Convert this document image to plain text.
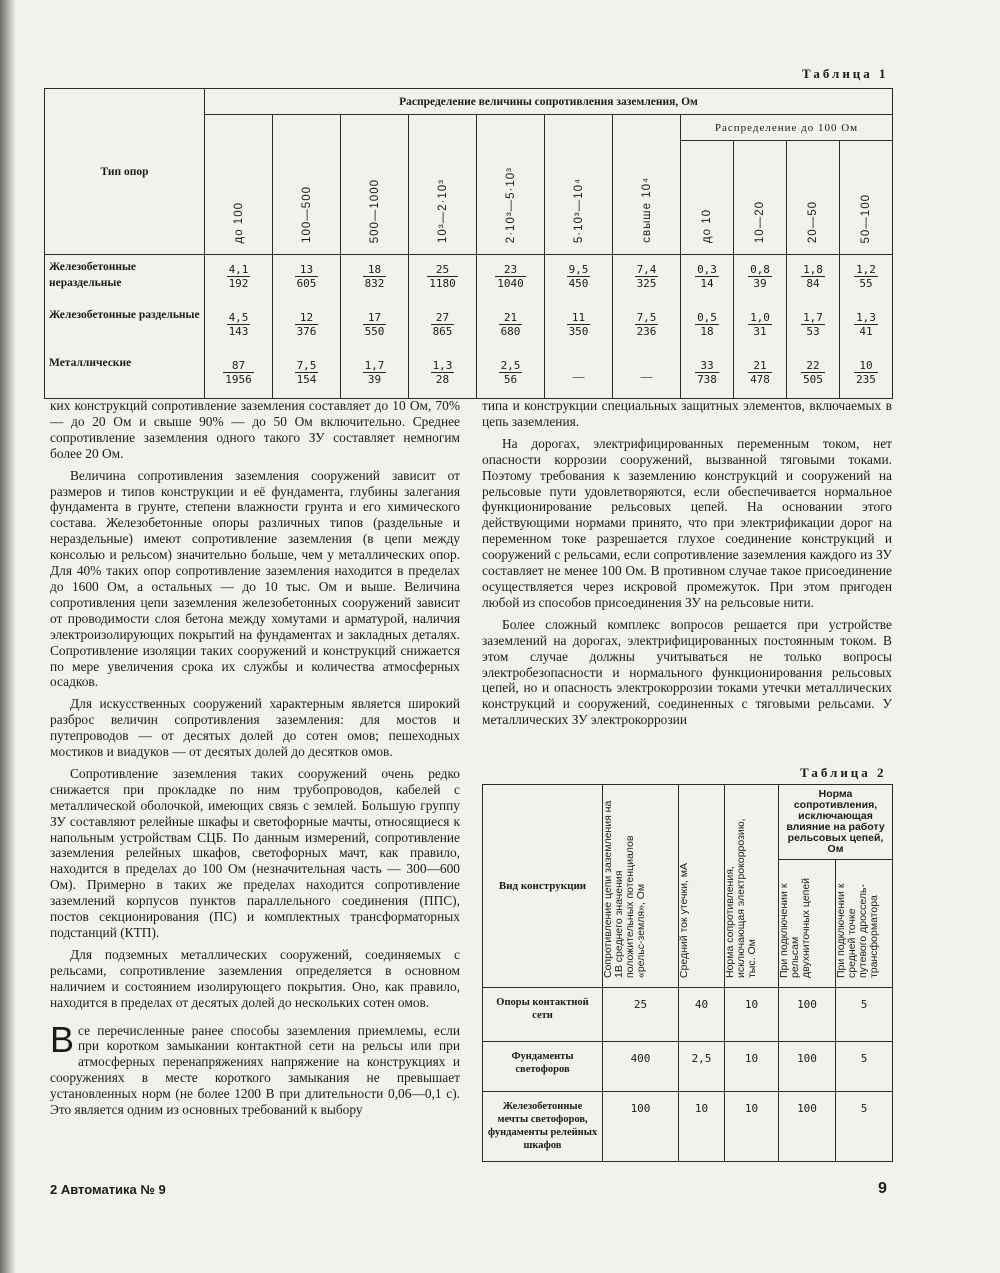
Таблица 1
Тип опор	Распределение величины сопротивления заземления, Ом										
	до 100	100—500	500—1000	10³—2·10³	2·10³—5·10³	5·10³—10⁴	свыше 10⁴	Распределение до 100 Ом			
								до 10	10—20	20—50	50—100
Железобетонные нераздельные	$\frac{4,1}{192}$	$\frac{13}{605}$	$\frac{18}{832}$	$\frac{25}{1180}$	$\frac{23}{1040}$	$\frac{9,5}{450}$	$\frac{7,4}{325}$	$\frac{0,3}{14}$	$\frac{0,8}{39}$	$\frac{1,8}{84}$	$\frac{1,2}{55}$

Железобетонные раздельные	$\frac{4,5}{143}$	$\frac{12}{376}$	$\frac{17}{550}$	$\frac{27}{865}$	$\frac{21}{680}$	$\frac{11}{350}$	$\frac{7,5}{236}$	$\frac{0,5}{18}$	$\frac{1,0}{31}$	$\frac{1,7}{53}$	$\frac{1,3}{41}$

Металлические	$\frac{87}{1956}$	$\frac{7,5}{154}$	$\frac{1,7}{39}$	$\frac{1,3}{28}$	$\frac{2,5}{56}$	—	—	$\frac{33}{738}$	$\frac{21}{478}$	$\frac{22}{505}$	$\frac{10}{235}$

ких конструкций сопротивление заземления составляет до 10 Ом, 70% — до 20 Ом и свыше 90% — до 50 Ом включительно. Среднее сопротивление заземления одного такого ЗУ составляет немногим более 20 Ом.

Величина сопротивления заземления сооружений зависит от размеров и типов конструкции и её фундамента, глубины залегания фундамента в грунте, степени влажности грунта и его химического состава. Железобетонные опоры различных типов (раздельные и нераздельные) имеют сопротивление заземления (в цепи между консолью и рельсом) значительно больше, чем у металлических опор. Для 40% таких опор сопротивление заземления находится в пределах до 1600 Ом, а остальных — до 10 тыс. Ом и выше. Величина сопротивления цепи заземления железобетонных сооружений зависит от проводимости слоя бетона между хомутами и арматурой, наличия электроизолирующих покрытий на фундаментах и закладных деталях. Сопротивление изоляции таких сооружений и конструкций снижается по мере увеличения срока их службы и количества атмосферных осадков.

Для искусственных сооружений характерным является широкий разброс величин сопротивления заземления: для мостов и путепроводов — от десятых долей до сотен омов; пешеходных мостиков и виадуков — от десятых долей до десятков омов.

Сопротивление заземления таких сооружений очень редко снижается при прокладке по ним трубопроводов, кабелей с металлической оболочкой, имеющих связь с землей. Большую группу ЗУ составляют релейные шкафы и светофорные мачты, относящиеся к напольным устройствам СЦБ. По данным измерений, сопротивление заземления релейных шкафов, светофорных мачт, как правило, находится в пределах до 100 Ом (незначительная часть — 300—600 Ом). Примерно в таких же пределах находится сопротивление заземлений корпусов пунктов параллельного соединения (ППС), постов секционирования (ПС) и комплектных трансформаторных подстанций (КТП).

Для подземных металлических сооружений, соединяемых с рельсами, сопротивление заземления определяется в основном наличием и состоянием изолирующего покрытия. Оно, как правило, находится в пределах от десятых долей до нескольких сотен омов.

Все перечисленные ранее способы заземления приемлемы, если при коротком замыкании контактной сети на рельсы или при атмосферных перенапряжениях напряжение на конструкциях и сооружениях в месте короткого замыкания не превышает установленных норм (не более 1200 В при длительности 0,06—0,1 с). Это является одним из основных требований к выбору

типа и конструкции специальных защитных элементов, включаемых в цепь заземления.

На дорогах, электрифицированных переменным током, нет опасности коррозии сооружений, вызванной тяговыми токами. Поэтому требования к заземлению конструкций и сооружений на рельсовые пути удовлетворяются, если обеспечивается нормальное функционирование рельсовых цепей. На основании этого действующими нормами принято, что при электрификации дорог на переменном токе разрешается глухое соединение конструкций и сооружений с рельсами, если сопротивление заземления каждого из ЗУ составляет не менее 100 Ом. В противном случае такое присоединение осуществляется через искровой промежуток. При этом пригоден любой из способов присоединения ЗУ на рельсовые нити.

Более сложный комплекс вопросов решается при устройстве заземлений на дорогах, электрифицированных постоянным током. В этом случае должны учитываться не только вопросы электробезопасности и нормального функционирования рельсовых цепей, но и опасность электрокоррозии токами утечки металлических конструкций и сооружений, соединенных с тяговыми рельсами. У металлических ЗУ электрокоррозии

Таблица 2
Вид конструкции	Сопротивление цепи заземления на 1В среднего значения положительных потенциалов «рельс-земля», Ом	Средний ток утечки, мА	Норма сопротивления, исключающая электрокоррозию, тыс. Ом	Норма сопротивления, исключающая влияние на работу рельсовых цепей, Ом	
				При подключении к рельсам двухниточных цепей	При подключении к средней точке путевого дроссель-трансформатора
Опоры контактной сети	25	40	10	100	5
Фундаменты светофоров	400	2,5	10	100	5
Железобетонные мечты светофоров, фундаменты релейных шкафов	100	10	10	100	5
2 Автоматика № 9	9
